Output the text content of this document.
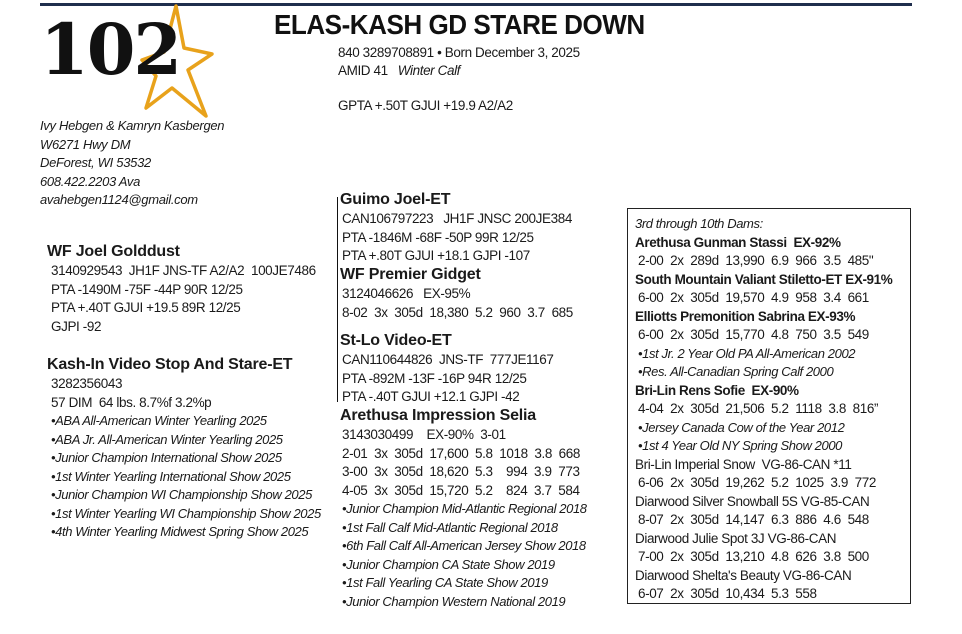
102	ELAS-KASH GD STARE DOWN
840 3289708891 • Born December 3, 2025
AMID 41 Winter Calf
GPTA +.50T GJUI +19.9 A2/A2
Ivy Hebgen & Kamryn Kasbergen
W6271 Hwy DM
DeForest, WI 53532
608.422.2203 Ava
avahebgen1124@gmail.com
WF Joel Golddust
3140929543  JH1F JNS-TF A2/A2  100JE7486
PTA -1490M -75F -44P 90R 12/25
PTA +.40T GJUI +19.5 89R 12/25
GJPI -92
Kash-In Video Stop And Stare-ET
3282356043
57 DIM  64 lbs. 8.7%f 3.2%p
•ABA All-American Winter Yearling 2025
•ABA Jr. All-American Winter Yearling 2025
•Junior Champion International Show 2025
•1st Winter Yearling International Show 2025
•Junior Champion WI Championship Show 2025
•1st Winter Yearling WI Championship Show 2025
•4th Winter Yearling Midwest Spring Show 2025
Guimo Joel-ET
CAN106797223   JH1F JNSC 200JE384
PTA -1846M -68F -50P 99R 12/25
PTA +.80T GJUI +18.1 GJPI -107
WF Premier Gidget
3124046626   EX-95%
8-02  3x  305d  18,380  5.2  960  3.7  685
St-Lo Video-ET
CAN110644826  JNS-TF  777JE1167
PTA -892M -13F -16P 94R 12/25
PTA -.40T GJUI +12.1 GJPI -42
Arethusa Impression Selia
3143030499    EX-90%  3-01
2-01  3x  305d  17,600  5.8  1018  3.8  668
3-00  3x  305d  18,620  5.3    994  3.9  773
4-05  3x  305d  15,720  5.2    824  3.7  584
•Junior Champion Mid-Atlantic Regional 2018
•1st Fall Calf Mid-Atlantic Regional 2018
•6th Fall Calf All-American Jersey Show 2018
•Junior Champion CA State Show 2019
•1st Fall Yearling CA State Show 2019
•Junior Champion Western National 2019
3rd through 10th Dams:
Arethusa Gunman Stassi  EX-92%
2-00  2x  289d  13,990  6.9  966  3.5  485"
South Mountain Valiant Stiletto-ET EX-91%
6-00  2x  305d  19,570  4.9  958  3.4  661
Elliotts Premonition Sabrina EX-93%
6-00  2x  305d  15,770  4.8  750  3.5  549
•1st Jr. 2 Year Old PA All-American 2002
•Res. All-Canadian Spring Calf 2000
Bri-Lin Rens Sofie  EX-90%
4-04  2x  305d  21,506  5.2  1118  3.8  816”
•Jersey Canada Cow of the Year 2012
•1st 4 Year Old NY Spring Show 2000
Bri-Lin Imperial Snow  VG-86-CAN *11
6-06  2x  305d  19,262  5.2  1025  3.9  772
Diarwood Silver Snowball 5S VG-85-CAN
8-07  2x  305d  14,147  6.3  886  4.6  548
Diarwood Julie Spot 3J VG-86-CAN
7-00  2x  305d  13,210  4.8  626  3.8  500
Diarwood Shelta's Beauty VG-86-CAN
6-07  2x  305d  10,434  5.3  558
